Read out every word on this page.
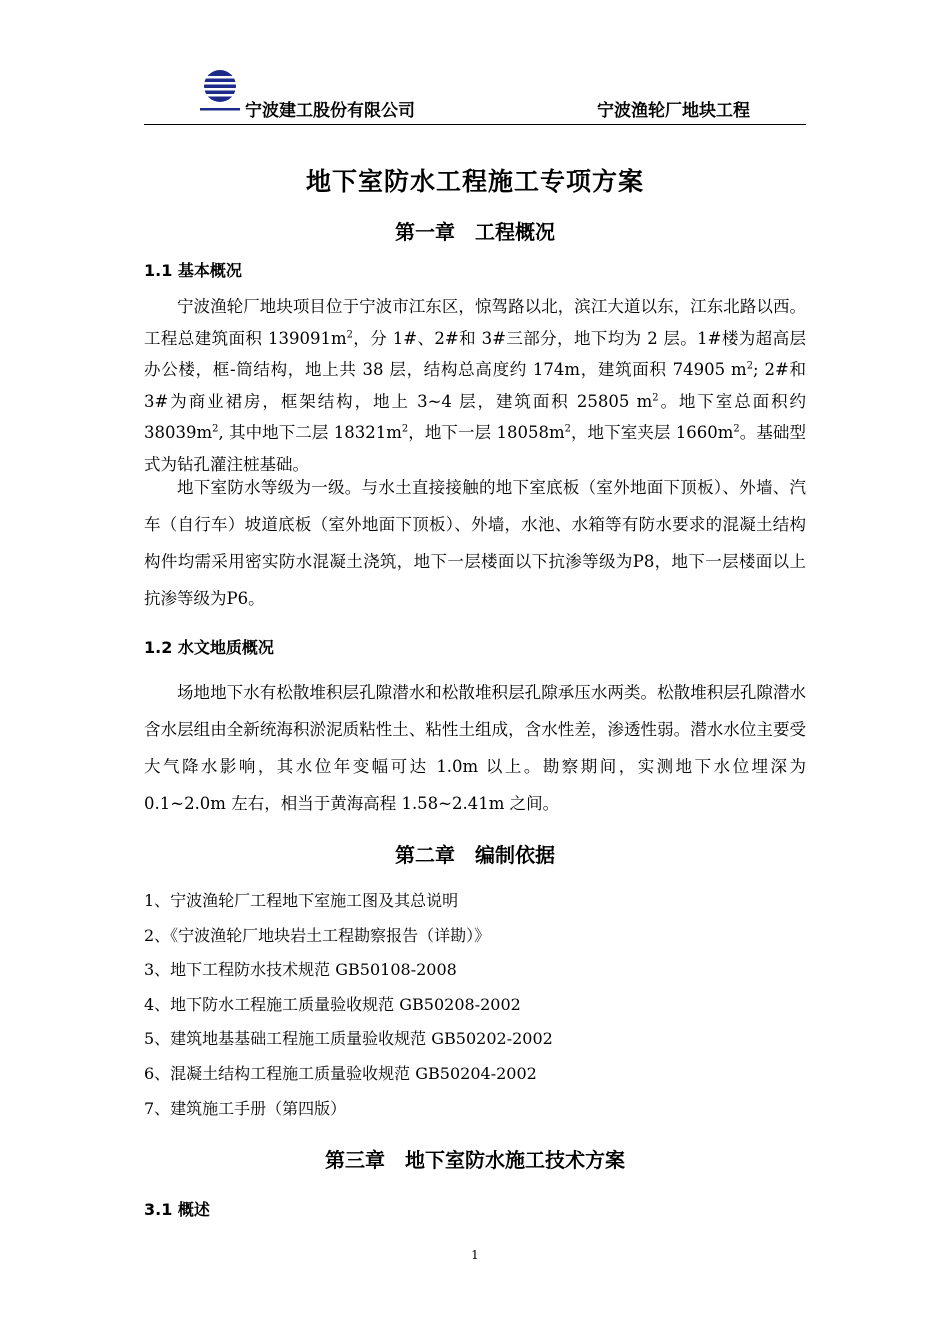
宁波建工股份有限公司	宁波渔轮厂地块工程
地下室防水工程施工专项方案
第一章　工程概况
1.1 基本概况

宁波渔轮厂地块项目位于宁波市江东区，惊驾路以北，滨江大道以东，江东北路以西。工程总建筑面积 $139091m^2$，分 1#、2#和 3#三部分，地下均为 2 层。1#楼为超高层办公楼，框-筒结构，地上共 38 层，结构总高度约 174m，建筑面积 74905 $m^2$; 2#和 3#为商业裙房，框架结构，地上 3~4 层，建筑面积 25805 $m^2$。地下室总面积约 $38039m^2$, 其中地下二层 $18321m^2$，地下一层 $18058m^2$，地下室夹层 $1660m^2$。基础型式为钻孔灌注桩基础。

地下室防水等级为一级。与水土直接接触的地下室底板（室外地面下顶板）、外墙、汽车（自行车）坡道底板（室外地面下顶板）、外墙，水池、水箱等有防水要求的混凝土结构构件均需采用密实防水混凝土浇筑，地下一层楼面以下抗渗等级为P8，地下一层楼面以上抗渗等级为P6。

1.2 水文地质概况

场地地下水有松散堆积层孔隙潜水和松散堆积层孔隙承压水两类。松散堆积层孔隙潜水含水层组由全新统海积淤泥质粘性土、粘性土组成，含水性差，渗透性弱。潜水水位主要受大气降水影响，其水位年变幅可达 1.0m 以上。勘察期间，实测地下水位埋深为 0.1~2.0m 左右，相当于黄海高程 1.58~2.41m 之间。

第二章　编制依据
1、宁波渔轮厂工程地下室施工图及其总说明
2、《宁波渔轮厂地块岩土工程勘察报告（详勘）》
3、地下工程防水技术规范 GB50108-2008
4、地下防水工程施工质量验收规范 GB50208-2002
5、建筑地基基础工程施工质量验收规范 GB50202-2002
6、混凝土结构工程施工质量验收规范 GB50204-2002
7、建筑施工手册（第四版）
第三章　地下室防水施工技术方案
3.1 概述
1
